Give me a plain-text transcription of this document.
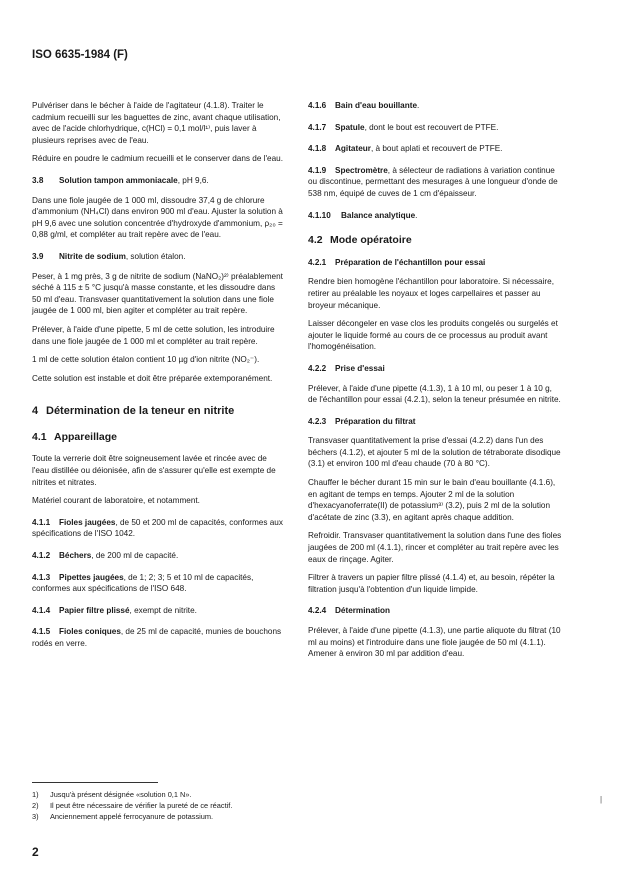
ISO 6635-1984 (F)

Pulvériser dans le bécher à l'aide de l'agitateur (4.1.8). Traiter le cadmium recueilli sur les baguettes de zinc, avant chaque utilisation, avec de l'acide chlorhydrique, c(HCl) = 0,1 mol/l¹⁾, puis laver à plusieurs reprises avec de l'eau.

Réduire en poudre le cadmium recueilli et le conserver dans de l'eau.

3.8 Solution tampon ammoniacale, pH 9,6.

Dans une fiole jaugée de 1 000 ml, dissoudre 37,4 g de chlorure d'ammonium (NH₄Cl) dans environ 900 ml d'eau. Ajuster la solution à pH 9,6 avec une solution concentrée d'hydroxyde d'ammonium, ρ₂₀ = 0,88 g/ml, et compléter au trait repère avec de l'eau.

3.9 Nitrite de sodium, solution étalon.

Peser, à 1 mg près, 3 g de nitrite de sodium (NaNO₂)²⁾ préalablement séché à 115 ± 5 °C jusqu'à masse constante, et les dissoudre dans 50 ml d'eau. Transvaser quantitativement la solution dans une fiole jaugée de 1 000 ml, bien agiter et compléter au trait repère.

Prélever, à l'aide d'une pipette, 5 ml de cette solution, les introduire dans une fiole jaugée de 1 000 ml et compléter au trait repère.

1 ml de cette solution étalon contient 10 µg d'ion nitrite (NO₂⁻).

Cette solution est instable et doit être préparée extemporanément.

4 Détermination de la teneur en nitrite
4.1 Appareillage

Toute la verrerie doit être soigneusement lavée et rincée avec de l'eau distillée ou déionisée, afin de s'assurer qu'elle est exempte de nitrites et nitrates.

Matériel courant de laboratoire, et notamment.

4.1.1 Fioles jaugées, de 50 et 200 ml de capacités, conformes aux spécifications de l'ISO 1042.

4.1.2 Béchers, de 200 ml de capacité.

4.1.3 Pipettes jaugées, de 1; 2; 3; 5 et 10 ml de capacités, conformes aux spécifications de l'ISO 648.

4.1.4 Papier filtre plissé, exempt de nitrite.

4.1.5 Fioles coniques, de 25 ml de capacité, munies de bouchons rodés en verre.

4.1.6 Bain d'eau bouillante.

4.1.7 Spatule, dont le bout est recouvert de PTFE.

4.1.8 Agitateur, à bout aplati et recouvert de PTFE.

4.1.9 Spectromètre, à sélecteur de radiations à variation continue ou discontinue, permettant des mesurages à une longueur d'onde de 538 nm, équipé de cuves de 1 cm d'épaisseur.

4.1.10 Balance analytique.

4.2 Mode opératoire
4.2.1 Préparation de l'échantillon pour essai

Rendre bien homogène l'échantillon pour laboratoire. Si nécessaire, retirer au préalable les noyaux et loges carpellaires et passer au broyeur mécanique.

Laisser décongeler en vase clos les produits congelés ou surgelés et ajouter le liquide formé au cours de ce processus au produit avant l'homogénéisation.

4.2.2 Prise d'essai

Prélever, à l'aide d'une pipette (4.1.3), 1 à 10 ml, ou peser 1 à 10 g, de l'échantillon pour essai (4.2.1), selon la teneur présumée en nitrite.

4.2.3 Préparation du filtrat

Transvaser quantitativement la prise d'essai (4.2.2) dans l'un des béchers (4.1.2), et ajouter 5 ml de la solution de tétraborate disodique (3.1) et environ 100 ml d'eau chaude (70 à 80 °C).

Chauffer le bécher durant 15 min sur le bain d'eau bouillante (4.1.6), en agitant de temps en temps. Ajouter 2 ml de la solution d'hexacyanoferrate(II) de potassium³⁾ (3.2), puis 2 ml de la solution d'acétate de zinc (3.3), en agitant après chaque addition.

Refroidir. Transvaser quantitativement la solution dans l'une des fioles jaugées de 200 ml (4.1.1), rincer et compléter au trait repère avec les eaux de rinçage. Agiter.

Filtrer à travers un papier filtre plissé (4.1.4) et, au besoin, répéter la filtration jusqu'à l'obtention d'un liquide limpide.

4.2.4 Détermination

Prélever, à l'aide d'une pipette (4.1.3), une partie aliquote du filtrat (10 ml au moins) et l'introduire dans une fiole jaugée de 50 ml (4.1.1). Amener à environ 30 ml par addition d'eau.

1) Jusqu'à présent désignée «solution 0,1 N».
2) Il peut être nécessaire de vérifier la pureté de ce réactif.
3) Anciennement appelé ferrocyanure de potassium.
2
|
